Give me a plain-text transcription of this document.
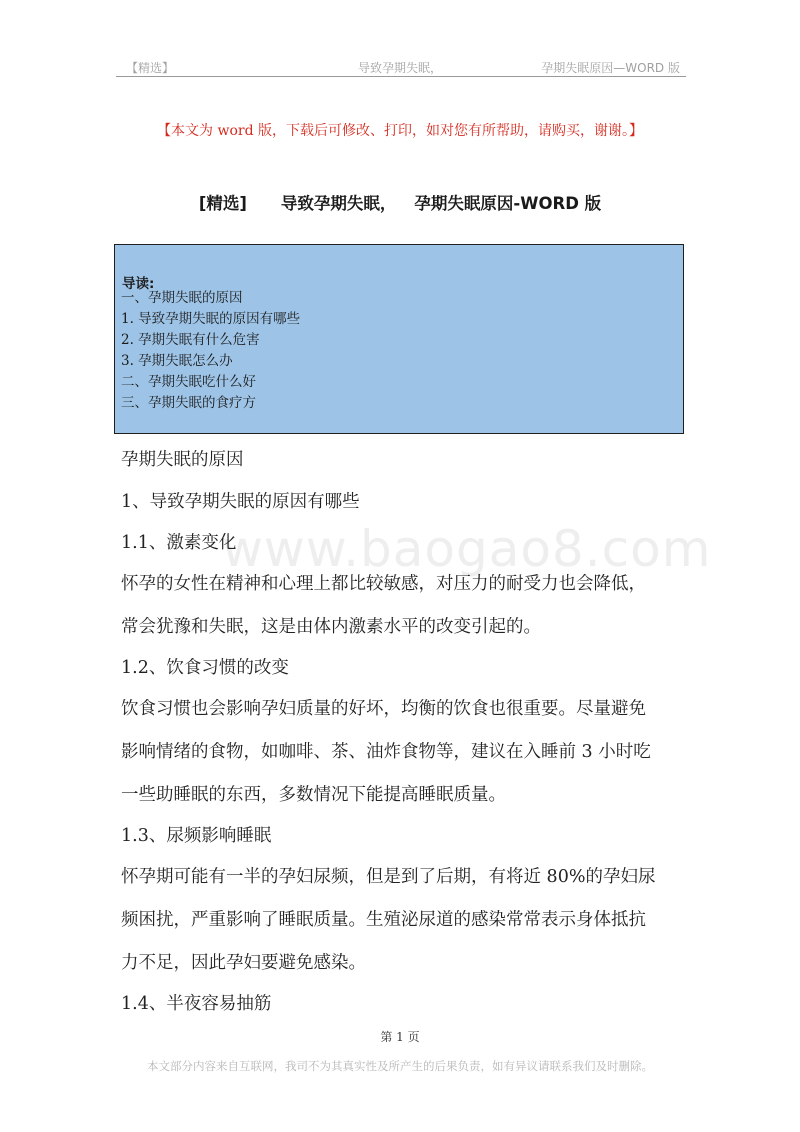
【精选】	导致孕期失眠，	孕期失眠原因—WORD 版
【本文为 word 版，下载后可修改、打印，如对您有所帮助，请购买，谢谢。】
[精选] 导致孕期失眠， 孕期失眠原因-WORD 版
导读:
一、孕期失眠的原因
1. 导致孕期失眠的原因有哪些
2. 孕期失眠有什么危害
3. 孕期失眠怎么办
二、孕期失眠吃什么好
三、孕期失眠的食疗方
www.baogao8.com
孕期失眠的原因
1、导致孕期失眠的原因有哪些
1.1、激素变化
怀孕的女性在精神和心理上都比较敏感，对压力的耐受力也会降低，
常会犹豫和失眠，这是由体内激素水平的改变引起的。
1.2、饮食习惯的改变
饮食习惯也会影响孕妇质量的好坏，均衡的饮食也很重要。尽量避免
影响情绪的食物，如咖啡、茶、油炸食物等，建议在入睡前 3 小时吃
一些助睡眠的东西，多数情况下能提高睡眠质量。
1.3、尿频影响睡眠
怀孕期可能有一半的孕妇尿频，但是到了后期，有将近 80%的孕妇尿
频困扰，严重影响了睡眠质量。生殖泌尿道的感染常常表示身体抵抗
力不足，因此孕妇要避免感染。
1.4、半夜容易抽筋
第 1 页
本文部分内容来自互联网，我司不为其真实性及所产生的后果负责，如有异议请联系我们及时删除。
